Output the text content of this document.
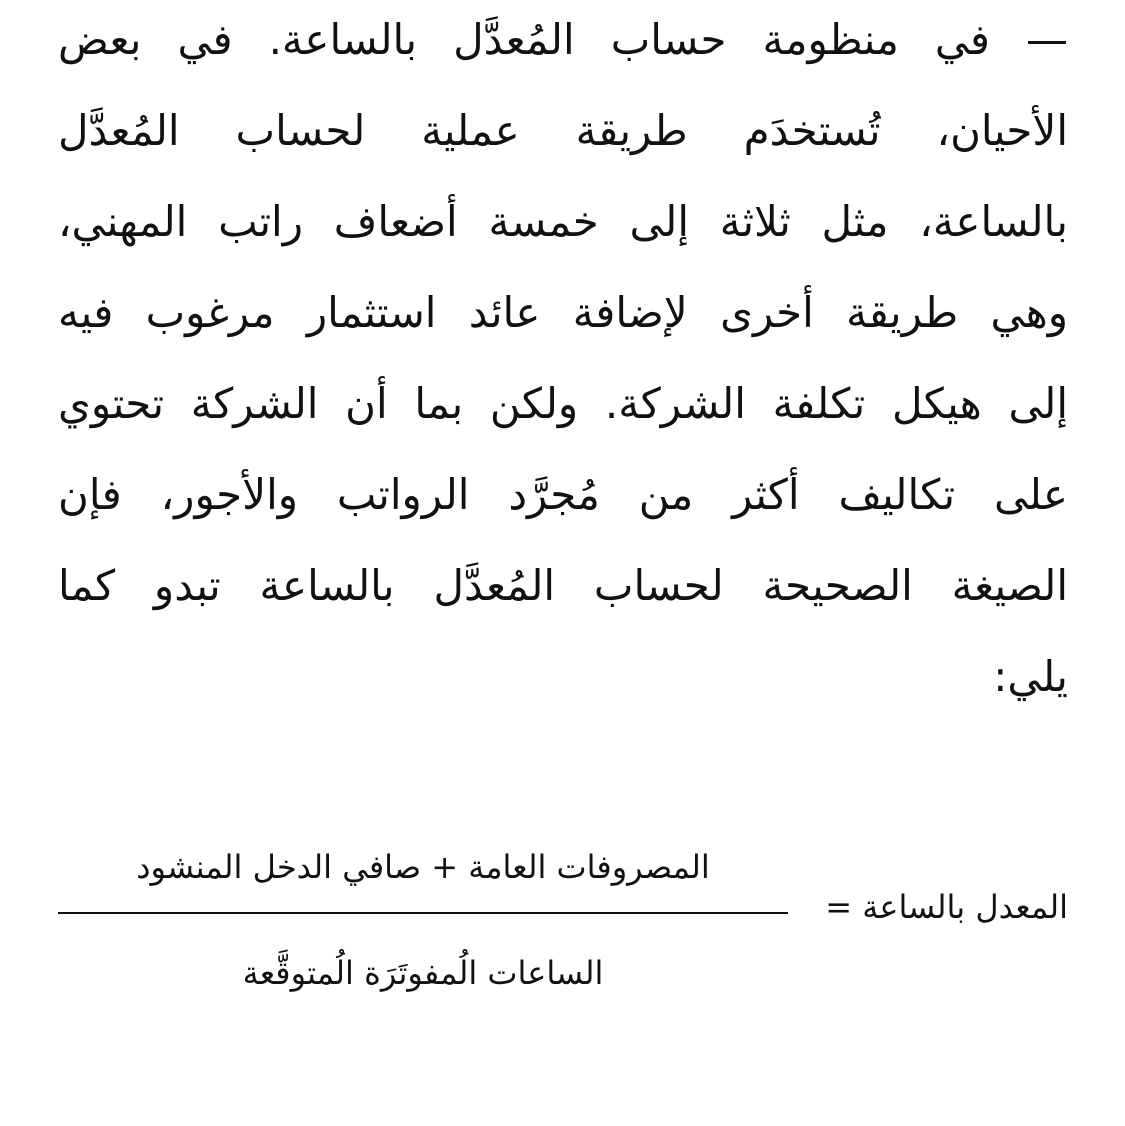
— في منظومة حساب المُعدَّل بالساعة. في بعض
الأحيان، تُستخدَم طريقة عملية لحساب المُعدَّل
بالساعة، مثل ثلاثة إلى خمسة أضعاف راتب المهني،
وهي طريقة أخرى لإضافة عائد استثمار مرغوب فيه
إلى هيكل تكلفة الشركة. ولكن بما أن الشركة تحتوي
على تكاليف أكثر من مُجرَّد الرواتب والأجور، فإن
الصيغة الصحيحة لحساب المُعدَّل بالساعة تبدو كما
يلي:
المعدل بالساعة =
المصروفات العامة + صافي الدخل المنشود
الساعات الُمفوتَرَة الُمتوقَّعة
